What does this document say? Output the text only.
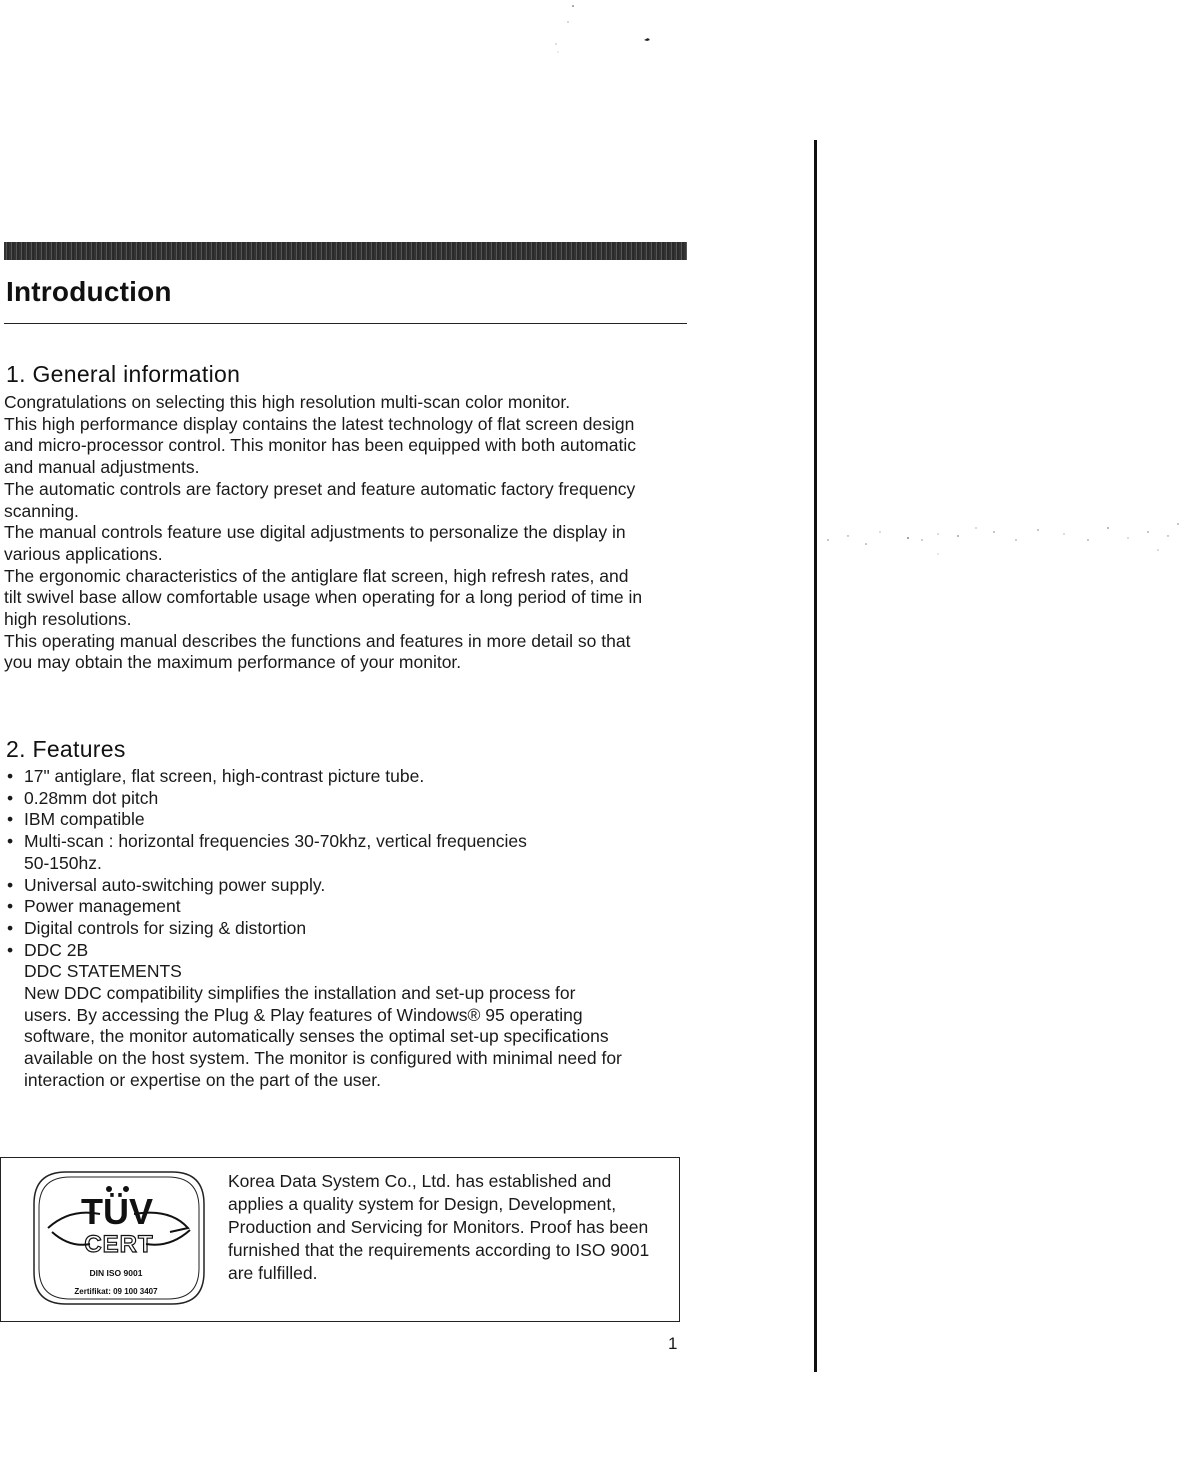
Introduction
1. General information

Congratulations on selecting this high resolution multi-scan color monitor.

This high performance display contains the latest technology of flat screen design and micro-processor control. This monitor has been equipped with both automatic and manual adjustments.

The automatic controls are factory preset and feature automatic factory frequency scanning.

The manual controls feature use digital adjustments to personalize the display in various applications.

The ergonomic characteristics of the antiglare flat screen, high refresh rates, and tilt swivel base allow comfortable usage when operating for a long period of time in high resolutions.

This operating manual describes the functions and features in more detail so that you may obtain the maximum performance of your monitor.

2. Features
• 17" antiglare, flat screen, high-contrast picture tube.
• 0.28mm dot pitch
• IBM compatible
• Multi-scan : horizontal frequencies 30-70khz, vertical frequencies 50-150hz.
• Universal auto-switching power supply.
• Power management
• Digital controls for sizing & distortion
• DDC 2B
DDC STATEMENTS
New DDC compatibility simplifies the installation and set-up process for users. By accessing the Plug & Play features of Windows® 95 operating software, the monitor automatically senses the optimal set-up specifications available on the host system. The monitor is configured with minimal need for interaction or expertise on the part of the user.
TÜV
CERT
DIN ISO 9001
Zertifikat: 09 100 3407
Korea Data System Co., Ltd. has established and applies a quality system for Design, Development, Production and Servicing for Monitors. Proof has been furnished that the requirements according to ISO 9001 are fulfilled.
1
